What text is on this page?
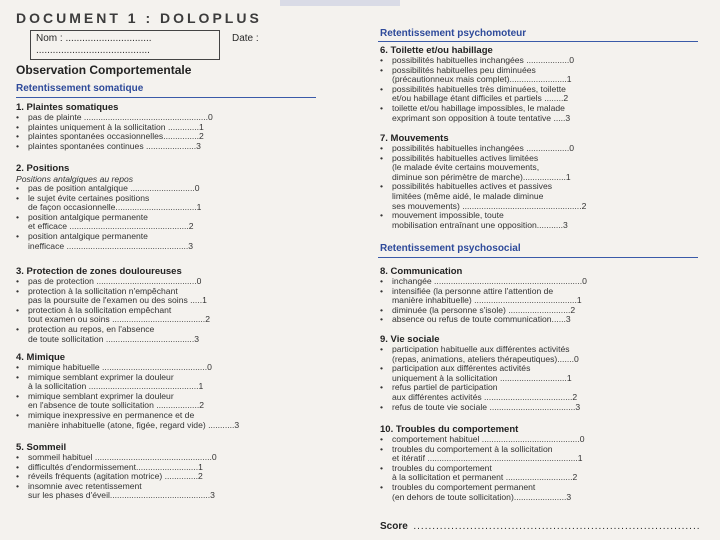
DOCUMENT 1 : DOLOPLUS
Nom : ...............................
.........................................
Date :
Observation Comportementale
Retentissement somatique
1. Plaintes somatiques
• pas de plainte ....................................................0
• plaintes uniquement à la sollicitation .............1
• plaintes spontanées occasionnelles...............2
• plaintes spontanées continues .....................3
2. Positions
Positions antalgiques au repos
• pas de position antalgique ...........................0
• le sujet évite certaines positions
de façon occasionnelle..................................1
• position antalgique permanente
et efficace ..................................................2
• position antalgique permanente
inefficace ...................................................3
3. Protection de zones douloureuses
• pas de protection ..........................................0
• protection à la sollicitation n'empêchant
pas la poursuite de l'examen ou des soins .....1
• protection à la sollicitation empêchant
tout examen ou soins .......................................2
• protection au repos, en l'absence
de toute sollicitation .....................................3
4. Mimique
• mimique habituelle ............................................0
• mimique semblant exprimer la douleur
à la sollicitation ..............................................1
• mimique semblant exprimer la douleur
en l'absence de toute sollicitation ..................2
• mimique inexpressive en permanence et de
manière inhabituelle (atone, figée, regard vide) ...........3
5. Sommeil
• sommeil habituel .................................................0
• difficultés d'endormissement..........................1
• réveils fréquents (agitation motrice) ..............2
• insomnie avec retentissement
sur les phases d'éveil..........................................3
Retentissement psychomoteur
Retentissement psychosocial
6. Toilette et/ou habillage
• possibilités habituelles inchangées ..................0
• possibilités habituelles peu diminuées
(précautionneux mais complet)........................1
• possibilités habituelles très diminuées, toilette
et/ou habillage étant difficiles et partiels ........2
• toilette et/ou habillage impossibles, le malade
exprimant son opposition à toute tentative .....3
7. Mouvements
• possibilités habituelles inchangées ..................0
• possibilités habituelles actives limitées
(le malade évite certains mouvements,
diminue son périmètre de marche)..................1
• possibilités habituelles actives et passives
limitées (même aidé, le malade diminue
ses mouvements) ..................................................2
• mouvement impossible, toute
mobilisation entraînant une opposition...........3
8. Communication
• inchangée ..............................................................0
• intensifiée (la personne attire l'attention de
manière inhabituelle) ...........................................1
• diminuée (la personne s'isole) ..........................2
• absence ou refus de toute communication......3
9. Vie sociale
• participation habituelle aux différentes activités
(repas, animations, ateliers thérapeutiques).......0
• participation aux différentes activités
uniquement à la sollicitation ............................1
• refus partiel de participation
aux différentes activités .....................................2
• refus de toute vie sociale ....................................3
10. Troubles du comportement
• comportement habituel .........................................0
• troubles du comportement à la sollicitation
et itératif ...............................................................1
• troubles du comportement
à la sollicitation et permanent ............................2
• troubles du comportement permanent
(en dehors de toute sollicitation)......................3
Score ............................................................................
